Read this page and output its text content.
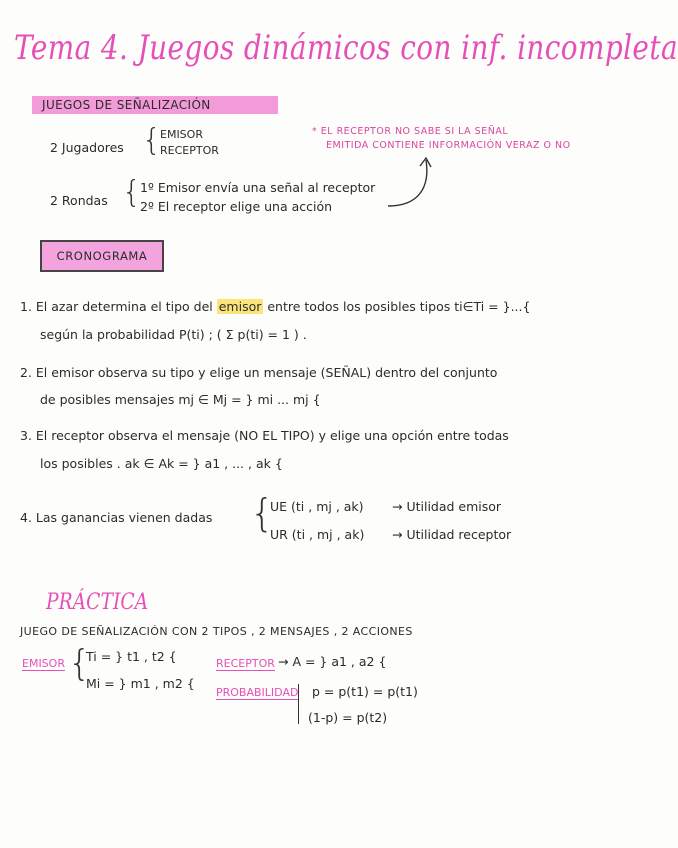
Tema 4. Juegos dinámicos con inf. incompleta
JUEGOS DE SEÑALIZACIÓN
2 Jugadores {
EMISOR
RECEPTOR
* EL RECEPTOR NO SABE SI LA SEÑAL
EMITIDA CONTIENE INFORMACIÓN VERAZ O NO
2 Rondas {
1º Emisor envía una señal al receptor
2º El receptor elige una acción
CRONOGRAMA
1. El azar determina el tipo del emisor entre todos los posibles tipos ti∈Ti = }...{
según la probabilidad P(ti) ; ( Σ p(ti) = 1 ) .
2. El emisor observa su tipo y elige un mensaje (SEÑAL) dentro del conjunto
de posibles mensajes mj ∈ Mj = } mi ... mj {
3. El receptor observa el mensaje (NO EL TIPO) y elige una opción entre todas
los posibles . ak ∈ Ak = } a1 , ... , ak {
4. Las ganancias vienen dadas {
UE (ti , mj , ak) → Utilidad emisor
UR (ti , mj , ak) → Utilidad receptor
PRÁCTICA
JUEGO DE SEÑALIZACIÓN CON 2 TIPOS , 2 MENSAJES , 2 ACCIONES
EMISOR {
Ti = } t1 , t2 {
Mi = } m1 , m2 {
RECEPTOR → A = } a1 , a2 {
PROBABILIDAD p = p(t1) = p(t1)
(1-p) = p(t2)
